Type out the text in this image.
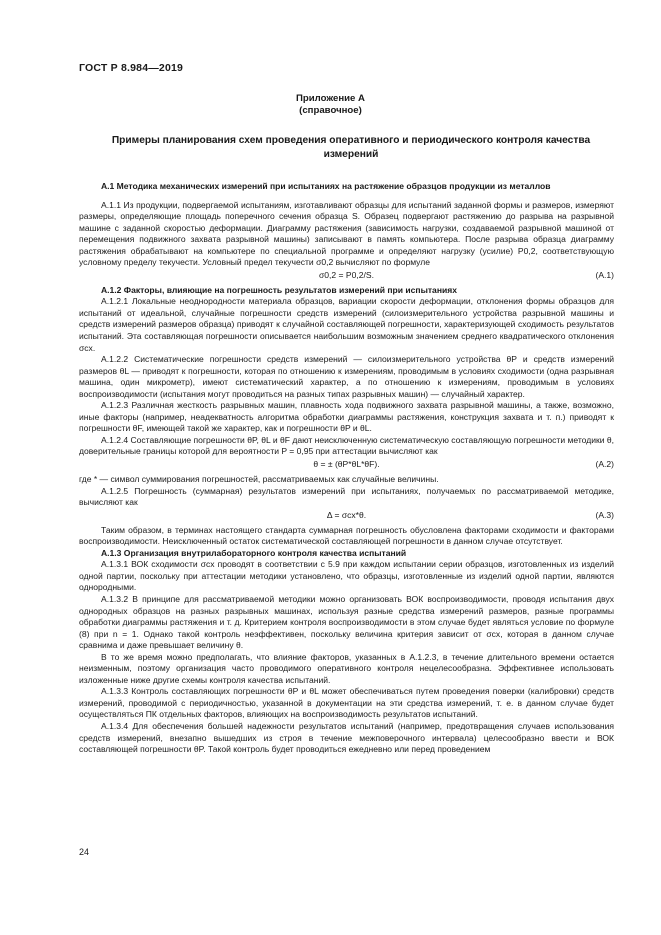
ГОСТ Р 8.984—2019
Приложение А
(справочное)
Примеры планирования схем проведения оперативного и периодического контроля качества измерений

А.1 Методика механических измерений при испытаниях на растяжение образцов продукции из металлов

А.1.1 Из продукции, подвергаемой испытаниям, изготавливают образцы для испытаний заданной формы и размеров, измеряют размеры, определяющие площадь поперечного сечения образца S. Образец подвергают растяжению до разрыва на разрывной машине с заданной скоростью деформации. Диаграмму растяжения (зависимость нагрузки, создаваемой разрывной машиной от перемещения подвижного захвата разрывной машины) записывают в память компьютера. После разрыва образца диаграмму растяжения обрабатывают на компьютере по специальной программе и определяют нагрузку (усилие) P0,2, соответствующую условному пределу текучести. Условный предел текучести σ0,2 вычисляют по формуле

σ0,2 = P0,2/S.	(А.1)

А.1.2 Факторы, влияющие на погрешность результатов измерений при испытаниях

А.1.2.1 Локальные неоднородности материала образцов, вариации скорости деформации, отклонения формы образцов для испытаний от идеальной, случайные погрешности средств измерений (силоизмерительного устройства разрывной машины и средств измерений размеров образца) приводят к случайной составляющей погрешности, характеризующей сходимость результатов испытаний. Эта составляющая погрешности описывается наибольшим возможным значением среднего квадратического отклонения σсх.

А.1.2.2 Систематические погрешности средств измерений — силоизмерительного устройства θP и средств измерений размеров θL — приводят к погрешности, которая по отношению к измерениям, проводимым в условиях сходимости (одна разрывная машина, один микрометр), имеют систематический характер, а по отношению к измерениям, проводимым в условиях воспроизводимости (испытания могут проводиться на разных типах разрывных машин) — случайный характер.

А.1.2.3 Различная жесткость разрывных машин, плавность хода подвижного захвата разрывной машины, а также, возможно, иные факторы (например, неадекватность алгоритма обработки диаграммы растяжения, конструкция захвата и т. п.) приводят к погрешности θF, имеющей такой же характер, как и погрешности θP и θL.

А.1.2.4 Составляющие погрешности θP, θL и θF дают неисключенную систематическую составляющую погрешности методики θ, доверительные границы которой для вероятности P = 0,95 при аттестации вычисляют как

θ = ± (θP*θL*θF).	(А.2)

где * — символ суммирования погрешностей, рассматриваемых как случайные величины.

А.1.2.5 Погрешность (суммарная) результатов измерений при испытаниях, получаемых по рассматриваемой методике, вычисляют как

Δ = σсх*θ.	(А.3)

Таким образом, в терминах настоящего стандарта суммарная погрешность обусловлена факторами сходимости и факторами воспроизводимости. Неисключенный остаток систематической составляющей погрешности в данном случае отсутствует.

А.1.3 Организация внутрилабораторного контроля качества испытаний

А.1.3.1 ВОК сходимости σсх проводят в соответствии с 5.9 при каждом испытании серии образцов, изготовленных из изделий одной партии, поскольку при аттестации методики установлено, что образцы, изготовленные из изделий одной партии, являются однородными.

А.1.3.2 В принципе для рассматриваемой методики можно организовать ВОК воспроизводимости, проводя испытания двух однородных образцов на разных разрывных машинах, используя разные средства измерений размеров, разные программы обработки диаграммы растяжения и т. д. Критерием контроля воспроизводимости в этом случае будет являться условие по формуле (8) при n = 1. Однако такой контроль неэффективен, поскольку величина критерия зависит от σсх, которая в данном случае сравнима и даже превышает величину θ.

В то же время можно предполагать, что влияние факторов, указанных в А.1.2.3, в течение длительного времени остается неизменным, поэтому организация часто проводимого оперативного контроля нецелесообразна. Эффективнее использовать изложенные ниже другие схемы контроля качества испытаний.

А.1.3.3 Контроль составляющих погрешности θP и θL может обеспечиваться путем проведения поверки (калибровки) средств измерений, проводимой с периодичностью, указанной в документации на эти средства измерений, т. е. в данном случае будет осуществляться ПК отдельных факторов, влияющих на воспроизводимость результатов испытаний.

А.1.3.4 Для обеспечения большей надежности результатов испытаний (например, предотвращения случаев использования средств измерений, внезапно вышедших из строя в течение межповерочного интервала) целесообразно ввести и ВОК составляющей погрешности θP. Такой контроль будет проводиться ежедневно или перед проведением

24
